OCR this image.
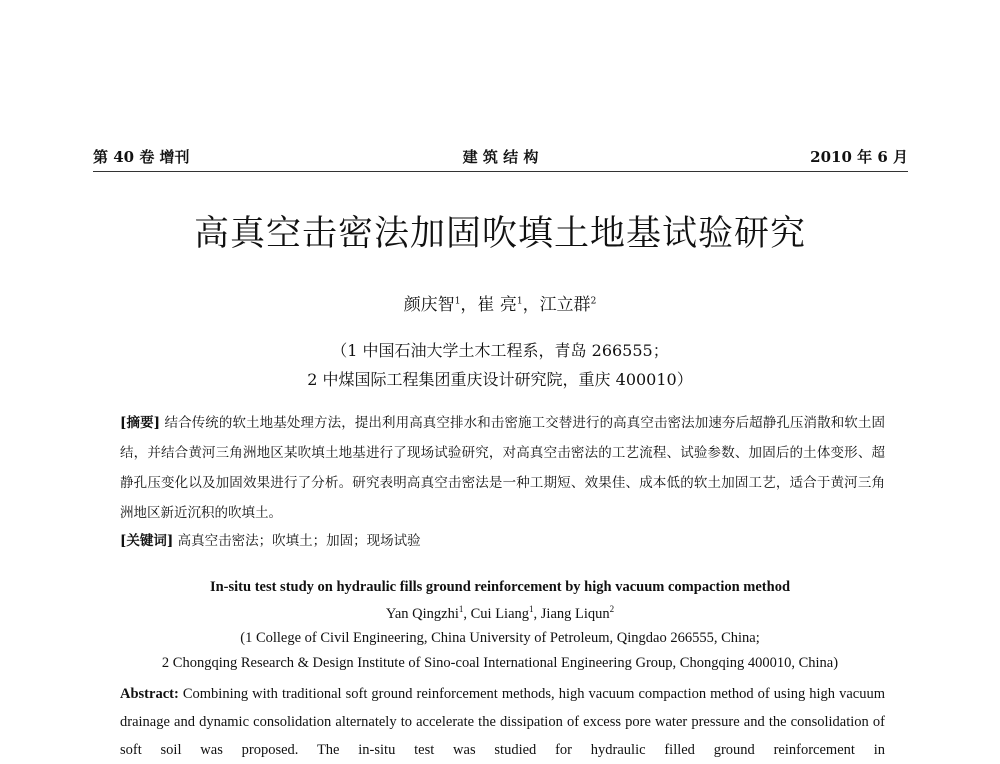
第 40 卷 增刊	建 筑 结 构	2010 年 6 月
高真空击密法加固吹填土地基试验研究
颜庆智$^1$，崔 亮$^1$，江立群$^2$
（1 中国石油大学土木工程系，青岛 266555；
2 中煤国际工程集团重庆设计研究院，重庆 400010）
[摘要] 结合传统的软土地基处理方法，提出利用高真空排水和击密施工交替进行的高真空击密法加速夯后超静孔压消散和软土固结，并结合黄河三角洲地区某吹填土地基进行了现场试验研究，对高真空击密法的工艺流程、试验参数、加固后的土体变形、超静孔压变化以及加固效果进行了分析。研究表明高真空击密法是一种工期短、效果佳、成本低的软土加固工艺，适合于黄河三角洲地区新近沉积的吹填土。
[关键词] 高真空击密法；吹填土；加固；现场试验
In-situ test study on hydraulic fills ground reinforcement by high vacuum compaction method
Yan Qingzhi$^1$, Cui Liang$^1$, Jiang Liqun$^2$
(1 College of Civil Engineering, China University of Petroleum, Qingdao 266555, China;
2 Chongqing Research & Design Institute of Sino-coal International Engineering Group, Chongqing 400010, China)
Abstract: Combining with traditional soft ground reinforcement methods, high vacuum compaction method of using high vacuum drainage and dynamic consolidation alternately to accelerate the dissipation of excess pore water pressure and the consolidation of soft soil was proposed. The in-situ test was studied for hydraulic filled ground reinforcement in
